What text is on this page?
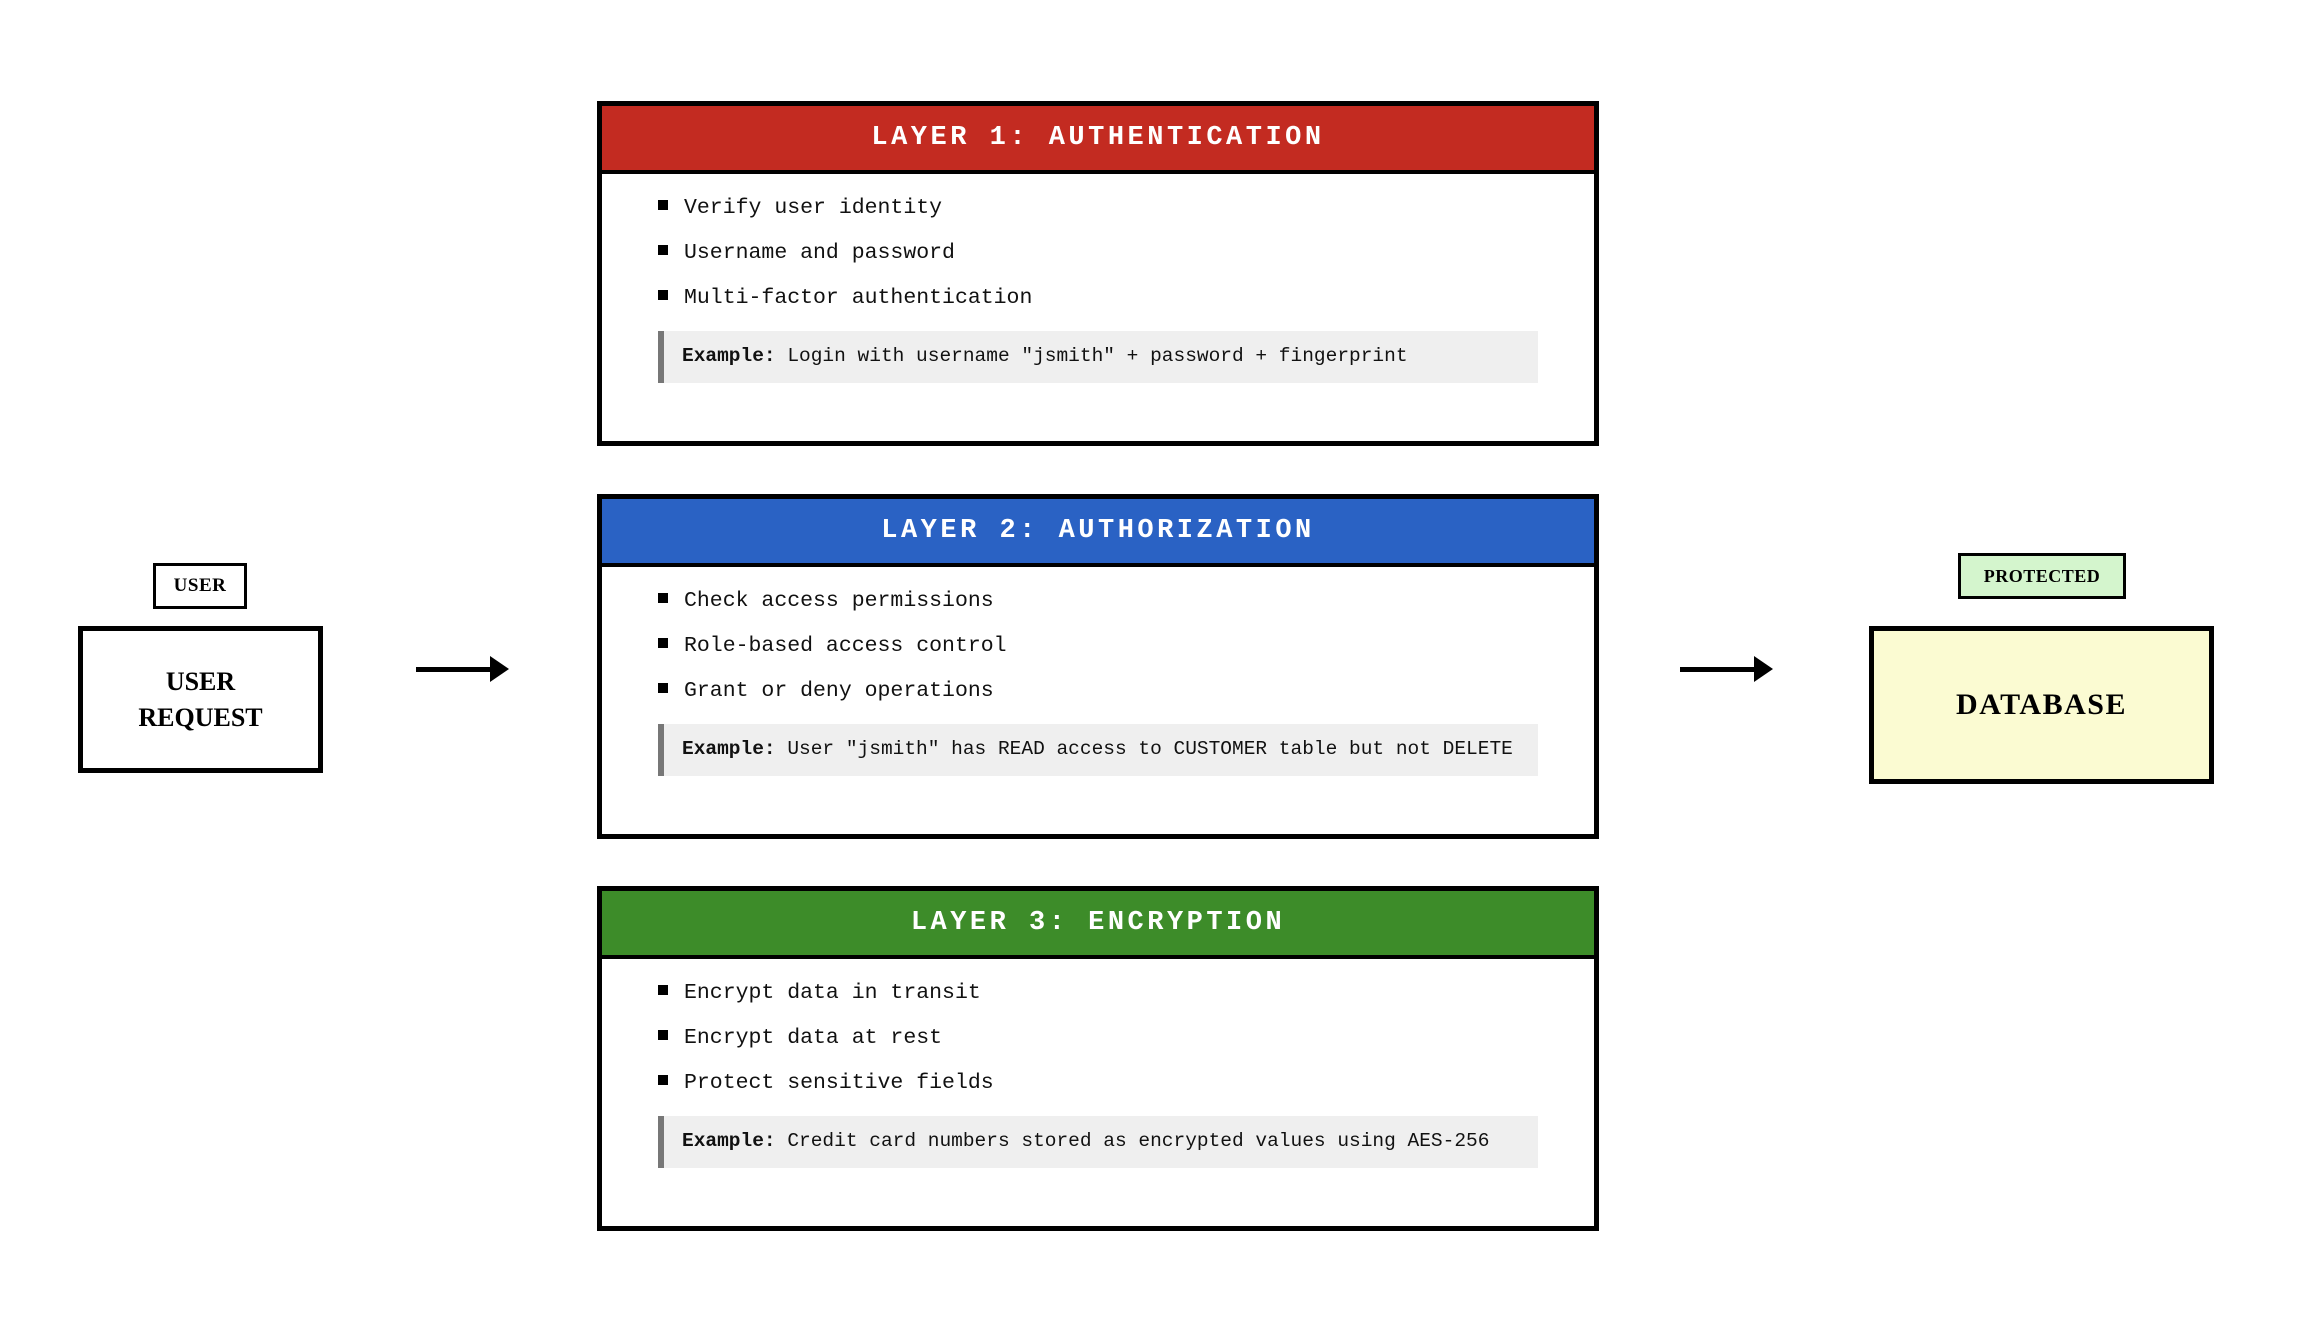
USER
USER
REQUEST
LAYER 1: AUTHENTICATION
Verify user identity
Username and password
Multi-factor authentication
Example: Login with username "jsmith" + password + fingerprint
LAYER 2: AUTHORIZATION
Check access permissions
Role-based access control
Grant or deny operations
Example: User "jsmith" has READ access to CUSTOMER table but not DELETE
LAYER 3: ENCRYPTION
Encrypt data in transit
Encrypt data at rest
Protect sensitive fields
Example: Credit card numbers stored as encrypted values using AES-256
PROTECTED
DATABASE
